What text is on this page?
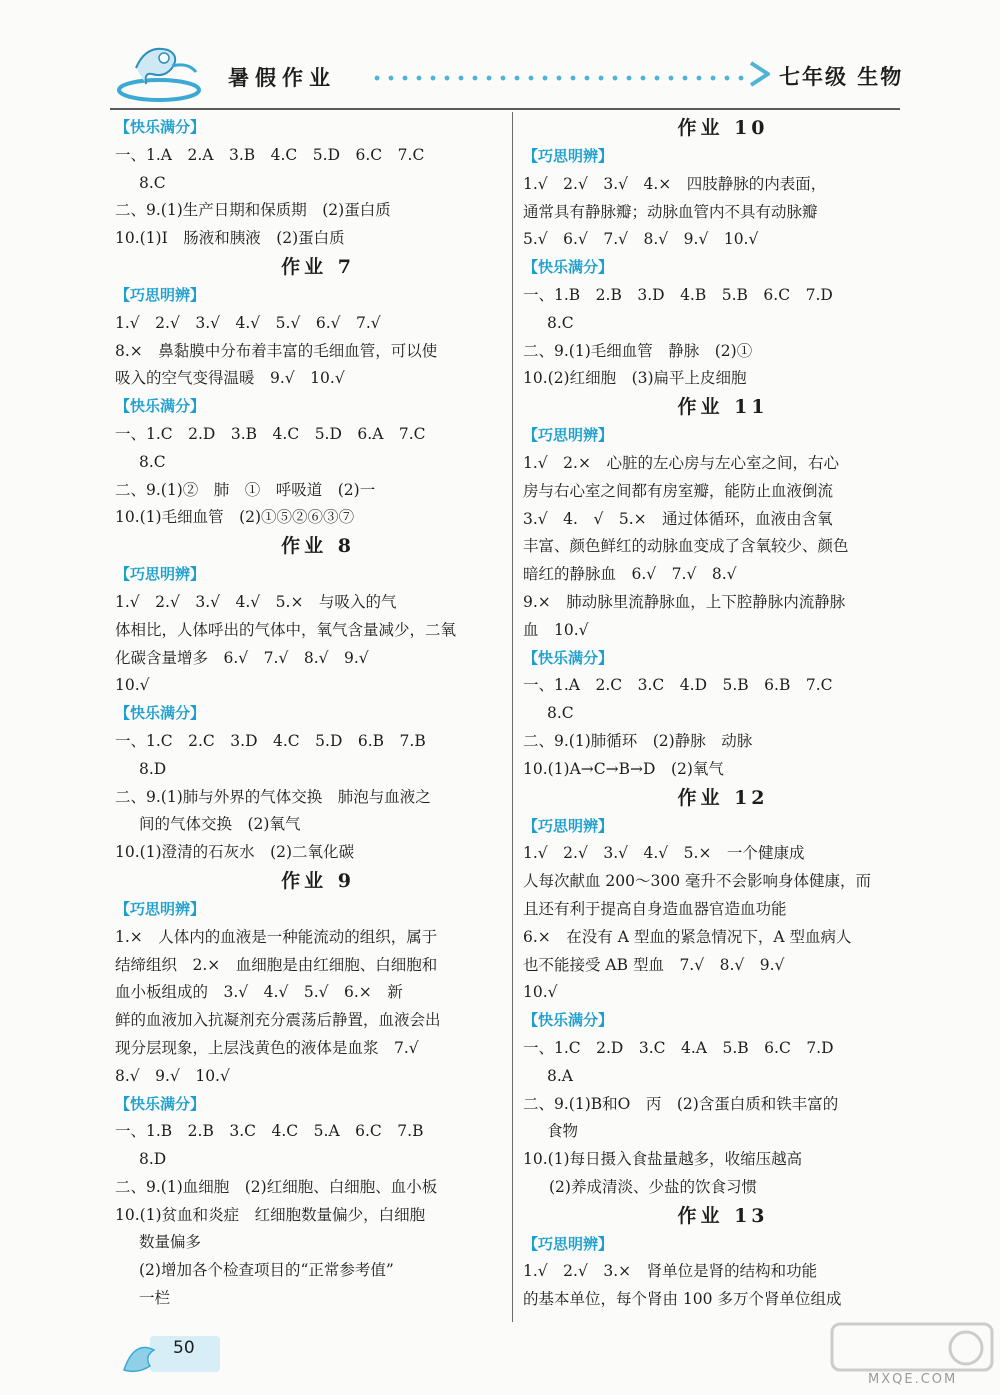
暑假作业	七年级 生物
【快乐满分】
一、1.A　2.A　3.B　4.C　5.D　6.C　7.C
8.C
二、9.(1)生产日期和保质期　(2)蛋白质
10.(1)Ⅰ　肠液和胰液　(2)蛋白质
作业 7
【巧思明辨】
1.√　2.√　3.√　4.√　5.√　6.√　7.√
8.×　鼻黏膜中分布着丰富的毛细血管，可以使
吸入的空气变得温暖　9.√　10.√
【快乐满分】
一、1.C　2.D　3.B　4.C　5.D　6.A　7.C
8.C
二、9.(1)②　肺　①　呼吸道　(2)一
10.(1)毛细血管　(2)①⑤②⑥③⑦
作业 8
【巧思明辨】
1.√　2.√　3.√　4.√　5.×　与吸入的气
体相比，人体呼出的气体中，氧气含量减少，二氧
化碳含量增多　6.√　7.√　8.√　9.√
10.√
【快乐满分】
一、1.C　2.C　3.D　4.C　5.D　6.B　7.B
8.D
二、9.(1)肺与外界的气体交换　肺泡与血液之
间的气体交换　(2)氧气
10.(1)澄清的石灰水　(2)二氧化碳
作业 9
【巧思明辨】
1.×　人体内的血液是一种能流动的组织，属于
结缔组织　2.×　血细胞是由红细胞、白细胞和
血小板组成的　3.√　4.√　5.√　6.×　新
鲜的血液加入抗凝剂充分震荡后静置，血液会出
现分层现象，上层浅黄色的液体是血浆　7.√
8.√　9.√　10.√
【快乐满分】
一、1.B　2.B　3.C　4.C　5.A　6.C　7.B
8.D
二、9.(1)血细胞　(2)红细胞、白细胞、血小板
10.(1)贫血和炎症　红细胞数量偏少，白细胞
数量偏多
(2)增加各个检查项目的“正常参考值”
一栏
作业 10
【巧思明辨】
1.√　2.√　3.√　4.×　四肢静脉的内表面，
通常具有静脉瓣；动脉血管内不具有动脉瓣
5.√　6.√　7.√　8.√　9.√　10.√
【快乐满分】
一、1.B　2.B　3.D　4.B　5.B　6.C　7.D
8.C
二、9.(1)毛细血管　静脉　(2)①
10.(2)红细胞　(3)扁平上皮细胞
作业 11
【巧思明辨】
1.√　2.×　心脏的左心房与左心室之间，右心
房与右心室之间都有房室瓣，能防止血液倒流
3.√　4.　√　5.×　通过体循环，血液由含氧
丰富、颜色鲜红的动脉血变成了含氧较少、颜色
暗红的静脉血　6.√　7.√　8.√
9.×　肺动脉里流静脉血，上下腔静脉内流静脉
血　10.√
【快乐满分】
一、1.A　2.C　3.C　4.D　5.B　6.B　7.C
8.C
二、9.(1)肺循环　(2)静脉　动脉
10.(1)A→C→B→D　(2)氧气
作业 12
【巧思明辨】
1.√　2.√　3.√　4.√　5.×　一个健康成
人每次献血 200～300 毫升不会影响身体健康，而
且还有利于提高自身造血器官造血功能
6.×　在没有 A 型血的紧急情况下，A 型血病人
也不能接受 AB 型血　7.√　8.√　9.√
10.√
【快乐满分】
一、1.C　2.D　3.C　4.A　5.B　6.C　7.D
8.A
二、9.(1)B和O　丙　(2)含蛋白质和铁丰富的
食物
10.(1)每日摄入食盐量越多，收缩压越高
(2)养成清淡、少盐的饮食习惯
作业 13
【巧思明辨】
1.√　2.√　3.×　肾单位是肾的结构和功能
的基本单位，每个肾由 100 多万个肾单位组成
50
MXQE.COM
